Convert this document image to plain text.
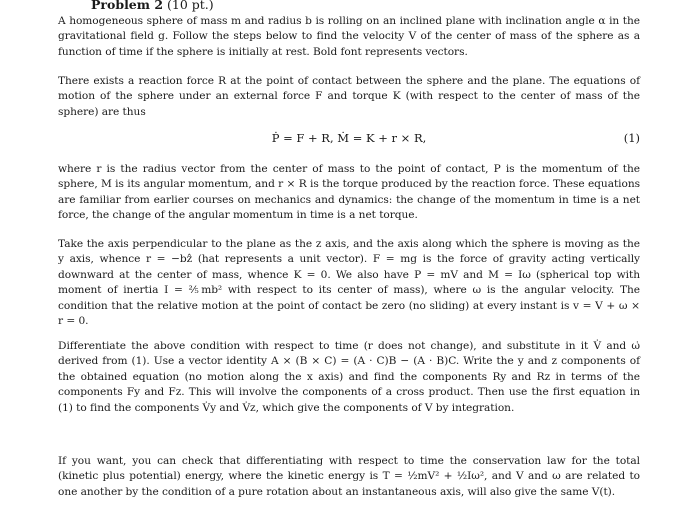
Problem 2 (10 pt.)
A homogeneous sphere of mass m and radius b is rolling on an inclined plane with inclination angle α in the gravitational field g. Follow the steps below to find the velocity V of the center of mass of the sphere as a function of time if the sphere is initially at rest. Bold font represents vectors.
There exists a reaction force R at the point of contact between the sphere and the plane. The equations of motion of the sphere under an external force F and torque K (with respect to the center of mass of the sphere) are thus
Ṗ = F + R, Ṁ = K + r × R,	(1)
where r is the radius vector from the center of mass to the point of contact, P is the momentum of the sphere, M is its angular momentum, and r × R is the torque produced by the reaction force. These equations are familiar from earlier courses on mechanics and dynamics: the change of the momentum in time is a net force, the change of the angular momentum in time is a net torque.
Take the axis perpendicular to the plane as the z axis, and the axis along which the sphere is moving as the y axis, whence r = −bẑ (hat represents a unit vector). F = mg is the force of gravity acting vertically downward at the center of mass, whence K = 0. We also have P = mV and M = Iω (spherical top with moment of inertia I = ⅖mb² with respect to its center of mass), where ω is the angular velocity. The condition that the relative motion at the point of contact be zero (no sliding) at every instant is v = V + ω × r = 0.
Differentiate the above condition with respect to time (r does not change), and substitute in it V̇ and ω̇ derived from (1). Use a vector identity A × (B × C) = (A · C)B − (A · B)C. Write the y and z components of the obtained equation (no motion along the x axis) and find the components Ry and Rz in terms of the components Fy and Fz. This will involve the components of a cross product. Then use the first equation in (1) to find the components V̇y and V̇z, which give the components of V by integration.
If you want, you can check that differentiating with respect to time the conservation law for the total (kinetic plus potential) energy, where the kinetic energy is T = ½mV² + ½Iω², and V and ω are related to one another by the condition of a pure rotation about an instantaneous axis, will also give the same V(t).
